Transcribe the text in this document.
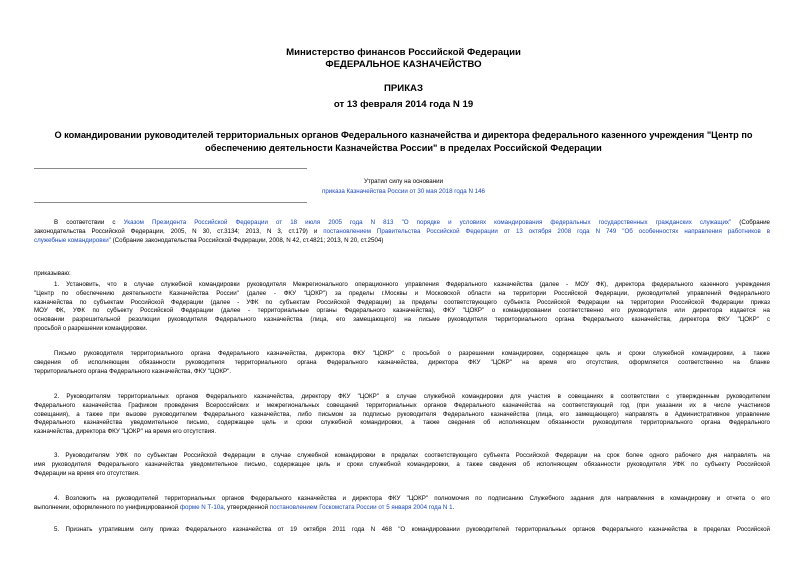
Министерство финансов Российской Федерации
ФЕДЕРАЛЬНОЕ КАЗНАЧЕЙСТВО
ПРИКАЗ
от 13 февраля 2014 года N 19
О командировании руководителей территориальных органов Федерального казначейства и директора федерального казенного учреждения "Центр по
обеспечению деятельности Казначейства России" в пределах Российской Федерации
Утратил силу на основании
приказа Казначейства России от 30 мая 2018 года N 146
В соответствии с Указом Президента Российской Федерации от 18 июля 2005 года N 813 "О порядке и условиях командирования федеральных государственных гражданских служащих" (Собрание
законодательства Российской Федерации, 2005, N 30, ст.3134; 2013, N 3, ст.179) и постановлением Правительства Российской Федерации от 13 октября 2008 года N 749 "Об особенностях направления работников в
служебные командировки" (Собрание законодательства Российской Федерации, 2008, N 42, ст.4821; 2013, N 20, ст.2504)
приказываю:
1. Установить, что в случае служебной командировки руководителя Межрегионального операционного управления Федерального казначейства (далее - МОУ ФК), директора федерального казенного учреждения
"Центр по обеспечению деятельности Казначейства России" (далее - ФКУ "ЦОКР") за пределы г.Москвы и Московской области на территории Российской Федерации, руководителей управлений Федерального
казначейства по субъектам Российской Федерации (далее - УФК по субъектам Российской Федерации) за пределы соответствующего субъекта Российской Федерации на территории Российской Федерации приказ
МОУ ФК, УФК по субъекту Российской Федерации (далее - территориальные органы Федерального казначейства), ФКУ "ЦОКР" о командировании соответственно его руководителя или директора издается на
основании разрешительной резолюции руководителя Федерального казначейства (лица, его замещающего) на письме руководителя территориального органа Федерального казначейства, директора ФКУ "ЦОКР" с
просьбой о разрешении командировки.
Письмо руководителя территориального органа Федерального казначейства, директора ФКУ "ЦОКР" с просьбой о разрешении командировки, содержащее цель и сроки служебной командировки, а также
сведения об исполняющем обязанности руководителя территориального органа Федерального казначейства, директора ФКУ "ЦОКР" на время его отсутствия, оформляется соответственно на бланке
территориального органа Федерального казначейства, ФКУ "ЦОКР".
2. Руководителям территориальных органов Федерального казначейства, директору ФКУ "ЦОКР" в случае служебной командировки для участия в совещаниях в соответствии с утвержденным руководителем
Федерального казначейства Графиком проведения Всероссийских и межрегиональных совещаний территориальных органов Федерального казначейства на соответствующий год (при указании их в числе участников
совещания), а также при вызове руководителем Федерального казначейства, либо письмом за подписью руководителя Федерального казначейства (лица, его замещающего) направлять в Административное управление
Федерального казначейства уведомительное письмо, содержащее цель и сроки служебной командировки, а также сведения об исполняющем обязанности руководителя территориального органа Федерального
казначейства, директора ФКУ "ЦОКР" на время его отсутствия.
3. Руководителям УФК по субъектам Российской Федерации в случае служебной командировки в пределах соответствующего субъекта Российской Федерации на срок более одного рабочего дня направлять на
имя руководителя Федерального казначейства уведомительное письмо, содержащее цель и сроки служебной командировки, а также сведения об исполняющем обязанности руководителя УФК по субъекту Российской
Федерации на время его отсутствия.
4. Возложить на руководителей территориальных органов Федерального казначейства и директора ФКУ "ЦОКР" полномочия по подписанию Служебного задания для направления в командировку и отчета о его
выполнении, оформленного по унифицированной форме N Т-10а, утвержденной постановлением Госкомстата России от 5 января 2004 года N 1.
5. Признать утратившим силу приказ Федерального казначейства от 19 октября 2011 года N 468 "О командировании руководителей территориальных органов Федерального казначейства в пределах Российской
